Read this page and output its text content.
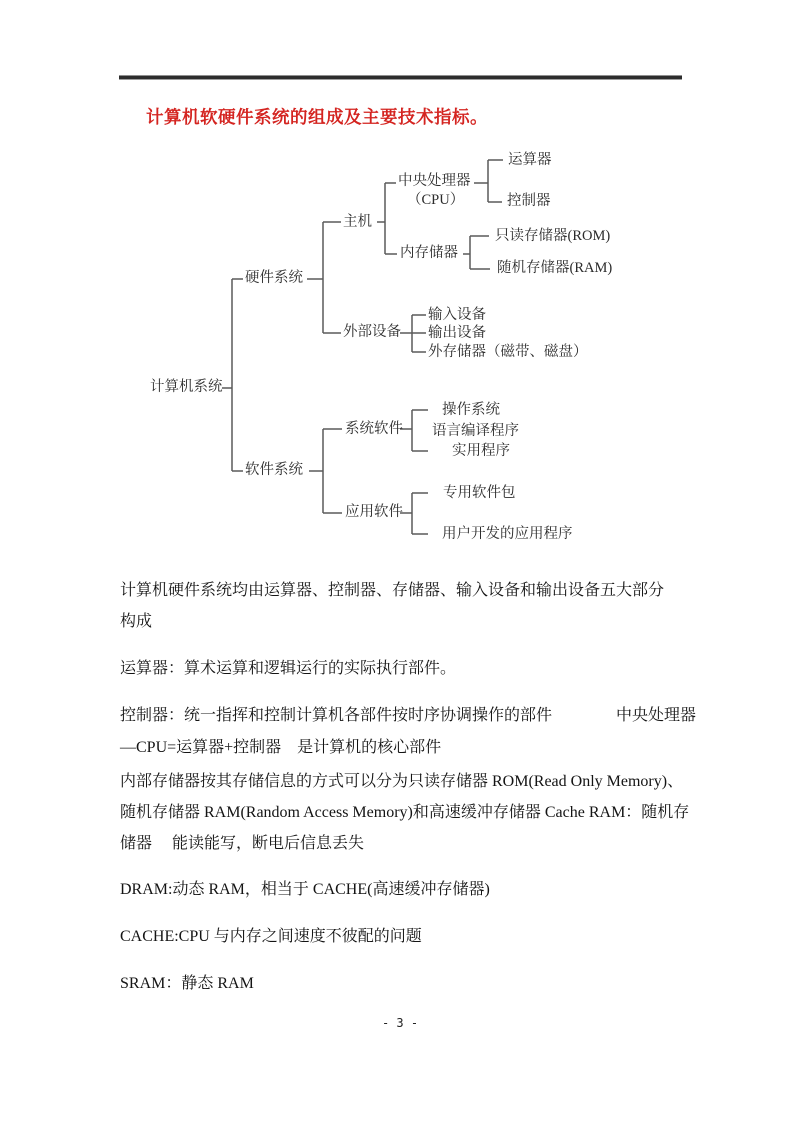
计算机软硬件系统的组成及主要技术指标。
计算机系统
硬件系统
软件系统
主机
中央处理器
（CPU）
运算器
控制器
内存储器
只读存储器(ROM)
随机存储器(RAM)
外部设备
输入设备
输出设备
外存储器（磁带、磁盘）
系统软件
操作系统
语言编译程序
实用程序
应用软件
专用软件包
用户开发的应用程序
计算机硬件系统均由运算器、控制器、存储器、输入设备和输出设备五大部分
构成
运算器：算术运算和逻辑运行的实际执行部件。
控制器：统一指挥和控制计算机各部件按时序协调操作的部件　　　　中央处理器
—CPU=运算器+控制器　是计算机的核心部件
内部存储器按其存储信息的方式可以分为只读存储器 ROM(Read Only Memory)、
随机存储器 RAM(Random Access Memory)和高速缓冲存储器 Cache RAM：随机存
储器　 能读能写，断电后信息丢失
DRAM:动态 RAM，相当于 CACHE(高速缓冲存储器)
CACHE:CPU 与内存之间速度不彼配的问题
SRAM：静态 RAM
- 3 -
